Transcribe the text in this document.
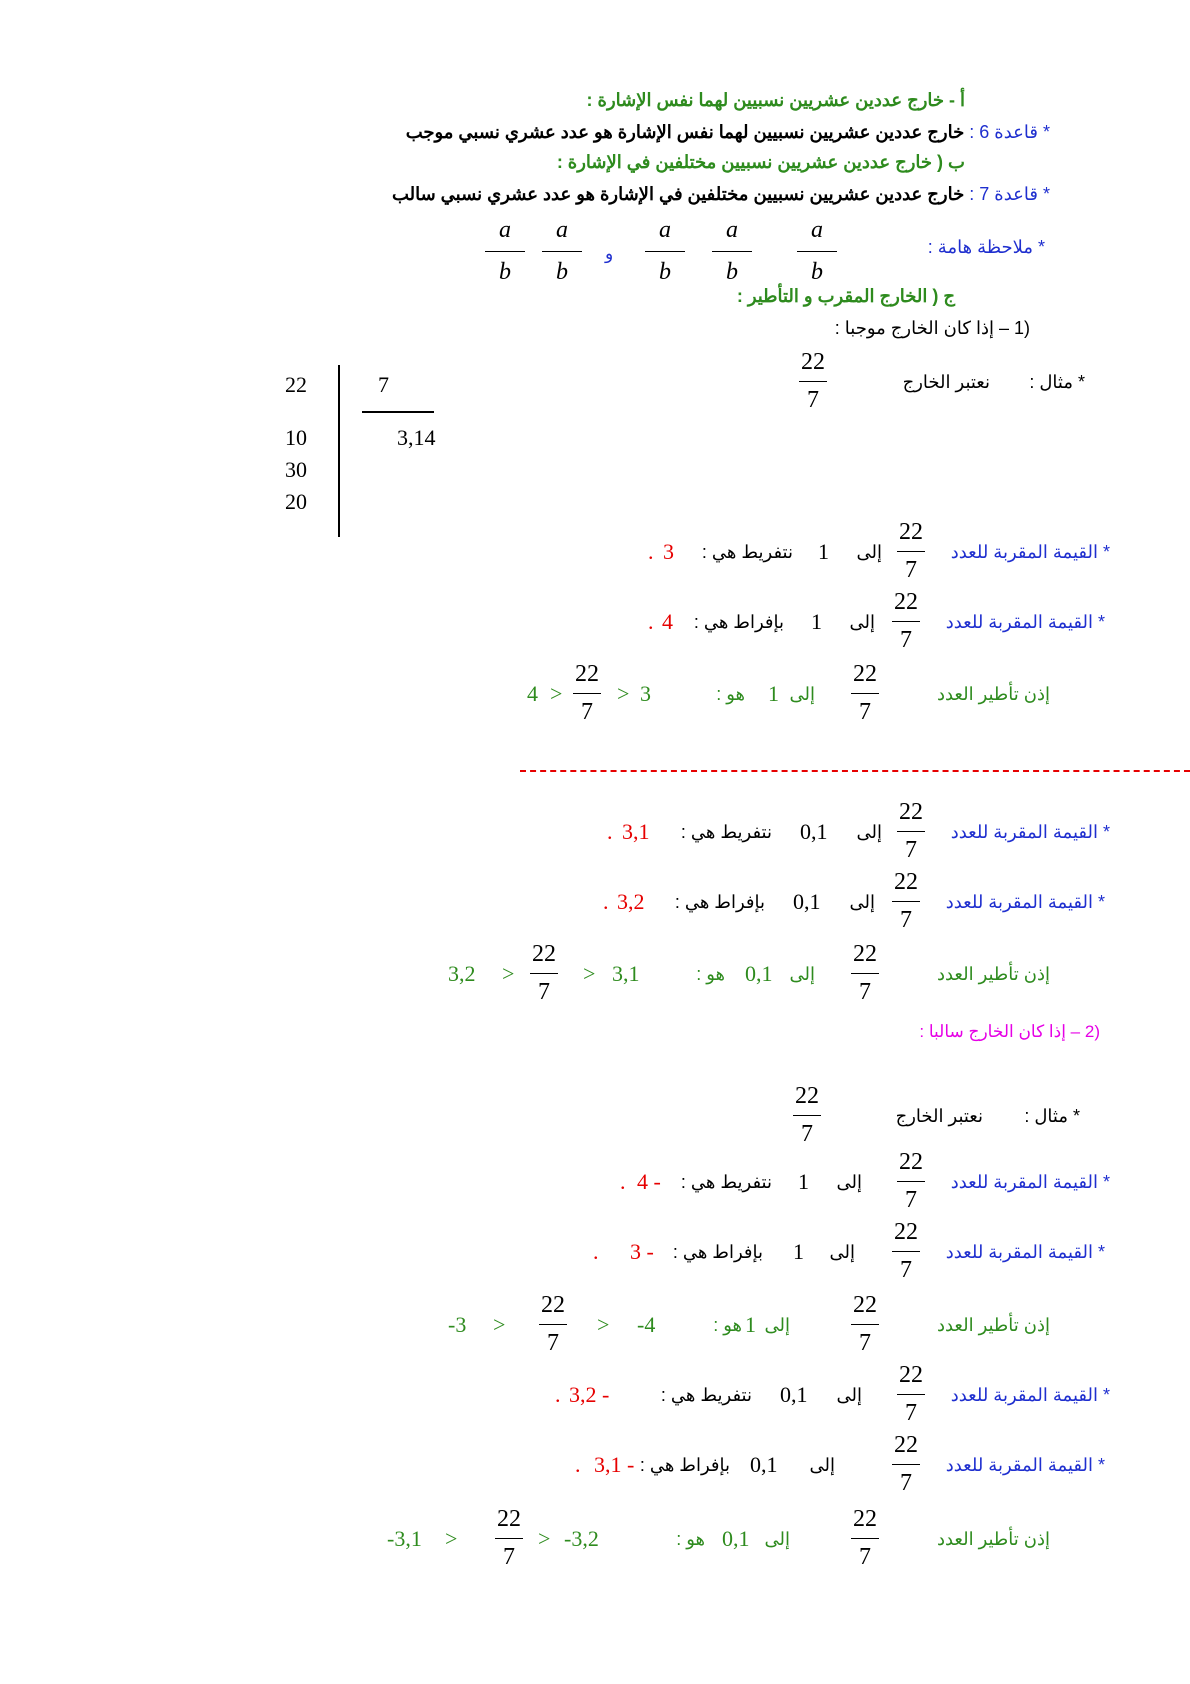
أ - خارج عددين عشريين نسبيين لهما نفس الإشارة :
* قاعدة 6 : خارج عددين عشريين نسبيين لهما نفس الإشارة هو عدد عشري نسبي موجب
ب ( خارج عددين عشريين نسبيين مختلفين في الإشارة :
* قاعدة 7 : خارج عددين عشريين نسبيين مختلفين في الإشارة هو عدد عشري نسبي سالب
* ملاحظة هامة :
a
b
a
b
a
b
و
a
b
a
b
ج ( الخارج المقرب و التأطير :
(1 – إذا كان الخارج موجبا :
* مثال :
نعتبر الخارج
22
7
22	7
3,14
10
30
20
* القيمة المقربة للعدد
22
7
إلى
1
نتفريط هي :
3
.
* القيمة المقربة للعدد
22
7
إلى
1
بإفراط هي :
4
.
إذن تأطير العدد
22
7
إلى
1
هو :
3
>
22
7
>
4
* القيمة المقربة للعدد
22
7
إلى
0,1
نتفريط هي :
3,1
.
* القيمة المقربة للعدد
22
7
إلى
0,1
بإفراط هي :
3,2
.
إذن تأطير العدد
22
7
إلى
0,1
هو :
3,1
>
22
7
>
3,2
(2 – إذا كان الخارج سالبا :
* مثال :
نعتبر الخارج
22
7
* القيمة المقربة للعدد
22
7
إلى
1
نتفريط هي :
4 -
.
* القيمة المقربة للعدد
22
7
إلى
1
بإفراط هي :
3 -
.
إذن تأطير العدد
22
7
إلى
1
هو :
-4
>
22
7
>
-3
* القيمة المقربة للعدد
22
7
إلى
0,1
نتفريط هي :
3,2 -
.
* القيمة المقربة للعدد
22
7
إلى
0,1
بإفراط هي :
3,1 -
.
إذن تأطير العدد
22
7
إلى
0,1
هو :
-3,2
>
22
7
>
-3,1
